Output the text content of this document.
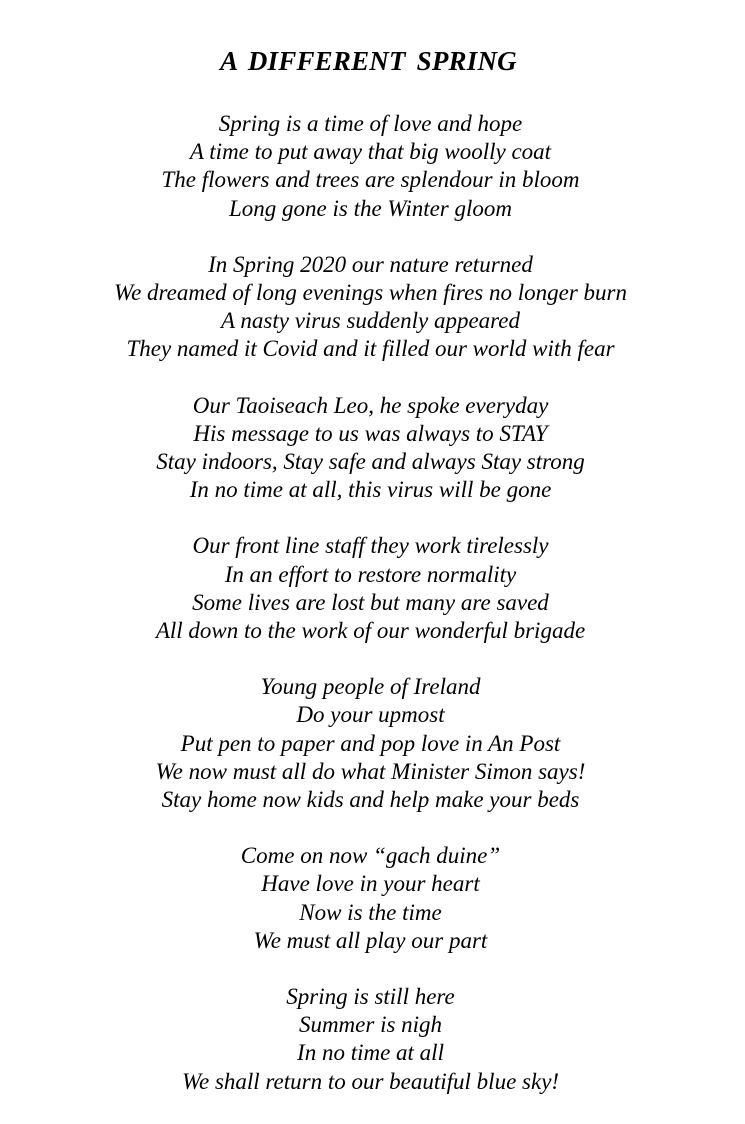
A DIFFERENT SPRING
Spring is a time of love and hope
A time to put away that big woolly coat
The flowers and trees are splendour in bloom
Long gone is the Winter gloom
In Spring 2020 our nature returned
We dreamed of long evenings when fires no longer burn
A nasty virus suddenly appeared
They named it Covid and it filled our world with fear
Our Taoiseach Leo, he spoke everyday
His message to us was always to STAY
Stay indoors, Stay safe and always Stay strong
In no time at all, this virus will be gone
Our front line staff they work tirelessly
In an effort to restore normality
Some lives are lost but many are saved
All down to the work of our wonderful brigade
Young people of Ireland
Do your upmost
Put pen to paper and pop love in An Post
We now must all do what Minister Simon says!
Stay home now kids and help make your beds
Come on now “gach duine”
Have love in your heart
Now is the time
We must all play our part
Spring is still here
Summer is nigh
In no time at all
We shall return to our beautiful blue sky!
